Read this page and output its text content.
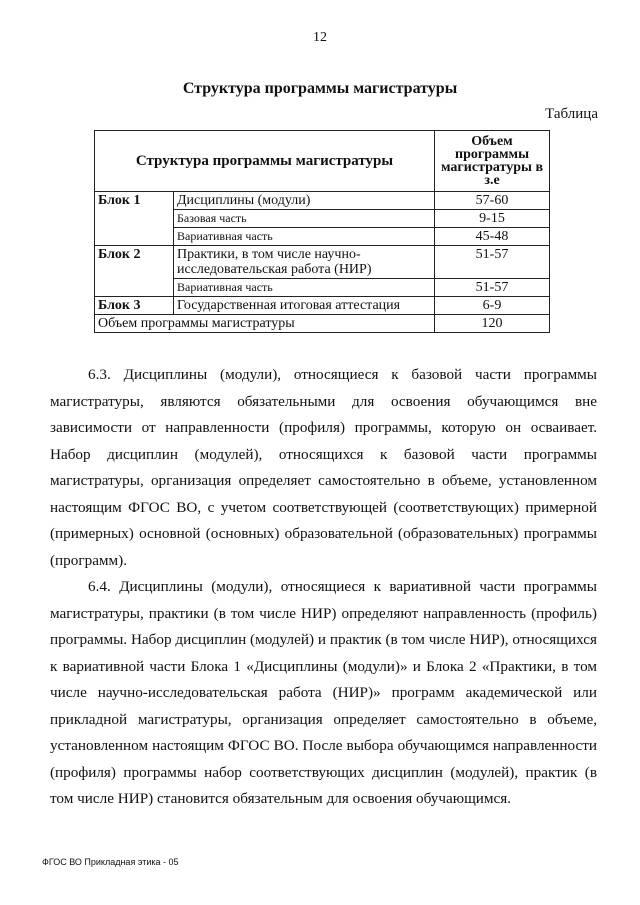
12
Структура программы магистратуры
Таблица
Структура программы магистратуры		Объем программы магистратуры в з.е
Блок 1	Дисциплины (модули)	57-60
	Базовая часть	9-15
	Вариативная часть	45-48
Блок 2	Практики, в том числе научно-исследовательская работа (НИР)	51-57
	Вариативная часть	51-57
Блок 3	Государственная итоговая аттестация	6-9
Объем программы магистратуры		120

6.3. Дисциплины (модули), относящиеся к базовой части программы магистратуры, являются обязательными для освоения обучающимся вне зависимости от направленности (профиля) программы, которую он осваивает. Набор дисциплин (модулей), относящихся к базовой части программы магистратуры, организация определяет самостоятельно в объеме, установленном настоящим ФГОС ВО, с учетом соответствующей (соответствующих) примерной (примерных) основной (основных) образовательной (образовательных) программы (программ).

6.4. Дисциплины (модули), относящиеся к вариативной части программы магистратуры, практики (в том числе НИР) определяют направленность (профиль) программы. Набор дисциплин (модулей) и практик (в том числе НИР), относящихся к вариативной части Блока 1 «Дисциплины (модули)» и Блока 2 «Практики, в том числе научно-исследовательская работа (НИР)» программ академической или прикладной магистратуры, организация определяет самостоятельно в объеме, установленном настоящим ФГОС ВО. После выбора обучающимся направленности (профиля) программы набор соответствующих дисциплин (модулей), практик (в том числе НИР) становится обязательным для освоения обучающимся.

ФГОС ВО Прикладная этика - 05
